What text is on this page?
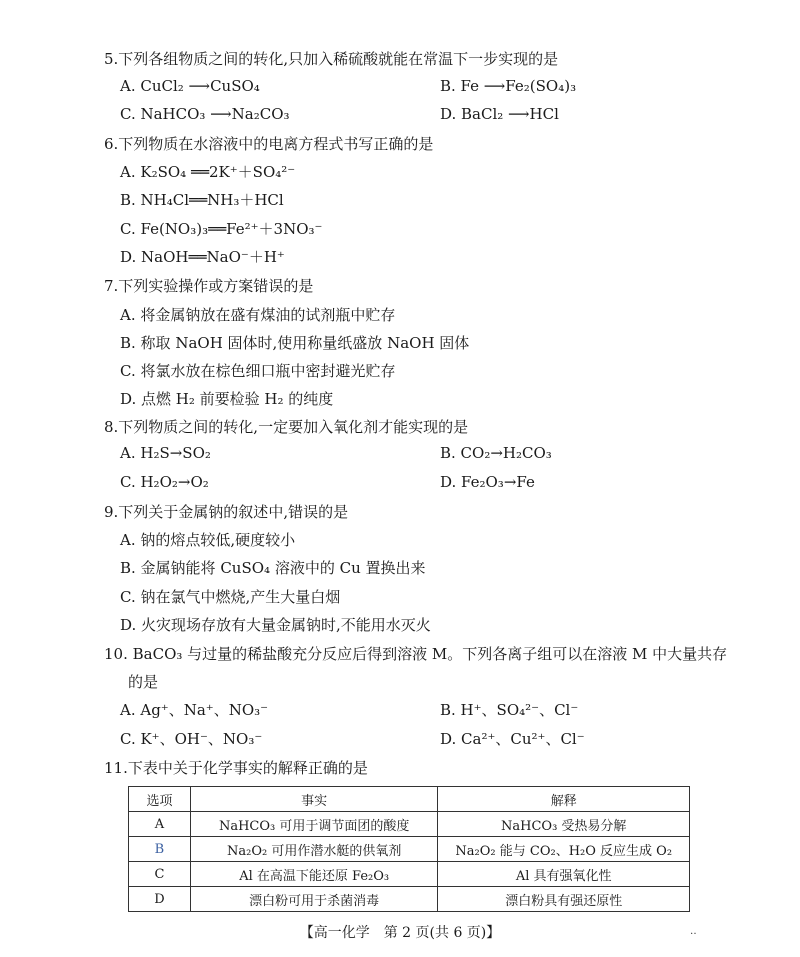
5.下列各组物质之间的转化,只加入稀硫酸就能在常温下一步实现的是
A. CuCl₂ ⟶CuSO₄	B. Fe ⟶Fe₂(SO₄)₃
C. NaHCO₃ ⟶Na₂CO₃	D. BaCl₂ ⟶HCl
6.下列物质在水溶液中的电离方程式书写正确的是
A. K₂SO₄ ══2K⁺＋SO₄²⁻
B. NH₄Cl══NH₃＋HCl
C. Fe(NO₃)₃══Fe²⁺＋3NO₃⁻
D. NaOH══NaO⁻＋H⁺
7.下列实验操作或方案错误的是
A. 将金属钠放在盛有煤油的试剂瓶中贮存
B. 称取 NaOH 固体时,使用称量纸盛放 NaOH 固体
C. 将氯水放在棕色细口瓶中密封避光贮存
D. 点燃 H₂ 前要检验 H₂ 的纯度
8.下列物质之间的转化,一定要加入氧化剂才能实现的是
A. H₂S→SO₂	B. CO₂→H₂CO₃
C. H₂O₂→O₂	D. Fe₂O₃→Fe
9.下列关于金属钠的叙述中,错误的是
A. 钠的熔点较低,硬度较小
B. 金属钠能将 CuSO₄ 溶液中的 Cu 置换出来
C. 钠在氯气中燃烧,产生大量白烟
D. 火灾现场存放有大量金属钠时,不能用水灭火
10. BaCO₃ 与过量的稀盐酸充分反应后得到溶液 M。下列各离子组可以在溶液 M 中大量共存
的是
A. Ag⁺、Na⁺、NO₃⁻	B. H⁺、SO₄²⁻、Cl⁻
C. K⁺、OH⁻、NO₃⁻	D. Ca²⁺、Cu²⁺、Cl⁻
11.下表中关于化学事实的解释正确的是
选项	事实	解释
A	NaHCO₃ 可用于调节面团的酸度	NaHCO₃ 受热易分解
B	Na₂O₂ 可用作潜水艇的供氧剂	Na₂O₂ 能与 CO₂、H₂O 反应生成 O₂
C	Al 在高温下能还原 Fe₂O₃	Al 具有强氧化性
D	漂白粉可用于杀菌消毒	漂白粉具有强还原性
【高一化学　第 2 页(共 6 页)】	‥
